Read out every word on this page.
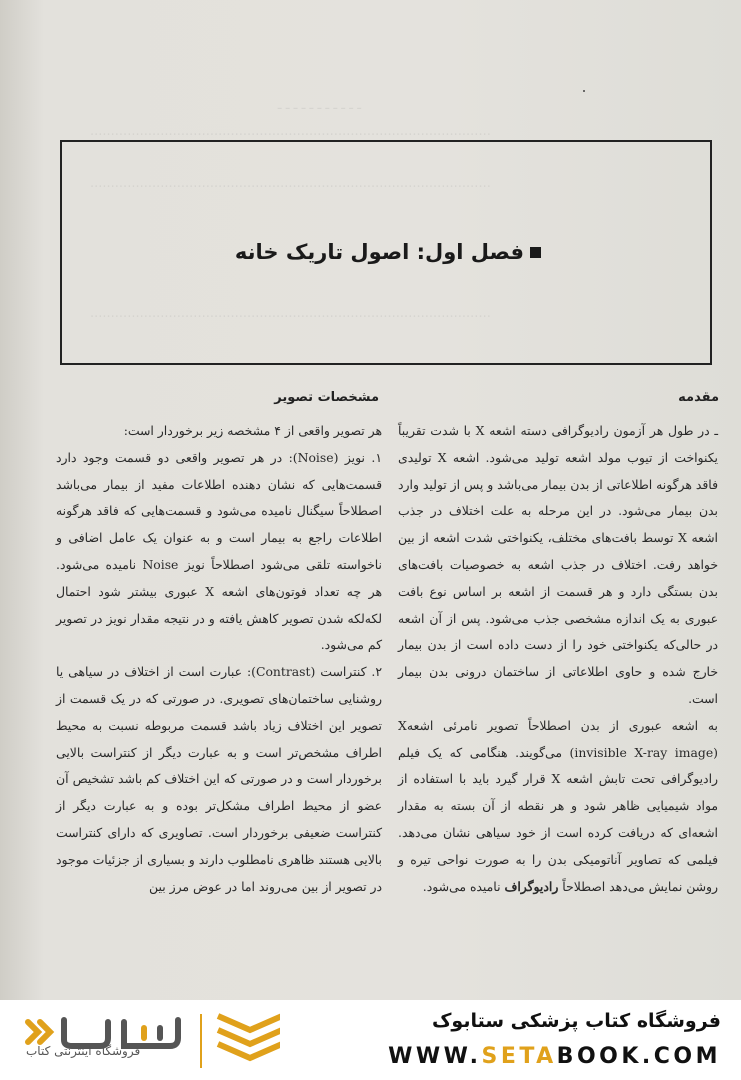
ـ ـ ـ ـ ـ ـ ـ ـ ـ ـ ـ
.................................................................................................
.................................................................................................
.................................................................................................
فصل اول: اصول تاریک خانه
مقدمه

ـ در طول هر آزمون رادیوگرافی دسته اشعه X با شدت تقریباً یکنواخت از تیوب مولد اشعه تولید می‌شود. اشعه X تولیدی فاقد هرگونه اطلاعاتی از بدن بیمار می‌باشد و پس از تولید وارد بدن بیمار می‌شود. در این مرحله به علت اختلاف در جذب اشعه X توسط بافت‌های مختلف، یکنواختی شدت اشعه از بین خواهد رفت. اختلاف در جذب اشعه به خصوصیات بافت‌های بدن بستگی دارد و هر قسمت از اشعه بر اساس نوع بافت عبوری به یک اندازه مشخصی جذب می‌شود. پس از آن اشعه در حالی‌که یکنواختی خود را از دست داده است از بدن بیمار خارج شده و حاوی اطلاعاتی از ساختمان درونی بدن بیمار است.

به اشعه عبوری از بدن اصطلاحاً تصویر نامرئی اشعهX (invisible X-ray image) می‌گویند. هنگامی که یک فیلم رادیوگرافی تحت تابش اشعه X قرار گیرد باید با استفاده از مواد شیمیایی ظاهر شود و هر نقطه از آن بسته به مقدار اشعه‌ای که دریافت کرده است از خود سیاهی نشان می‌دهد. فیلمی که تصاویر آناتومیکی بدن را به صورت نواحی تیره و روشن نمایش می‌دهد اصطلاحاً رادیوگراف نامیده می‌شود.

مشخصات تصویر

هر تصویر واقعی از ۴ مشخصه زیر برخوردار است:

۱. نویز (Noise): در هر تصویر واقعی دو قسمت وجود دارد قسمت‌هایی که نشان دهنده اطلاعات مفید از بیمار می‌باشد اصطلاحاً سیگنال نامیده می‌شود و قسمت‌هایی که فاقد هرگونه اطلاعات راجع به بیمار است و به عنوان یک عامل اضافی و ناخواسته تلقی می‌شود اصطلاحاً نویز Noise نامیده می‌شود. هر چه تعداد فوتون‌های اشعه X عبوری بیشتر شود احتمال لکه‌لکه شدن تصویر کاهش یافته و در نتیجه مقدار نویز در تصویر کم می‌شود.

۲. کنتراست (Contrast): عبارت است از اختلاف در سیاهی یا روشنایی ساختمان‌های تصویری. در صورتی که در یک قسمت از تصویر این اختلاف زیاد باشد قسمت مربوطه نسبت به محیط اطراف مشخص‌تر است و به عبارت دیگر از کنتراست بالایی برخوردار است و در صورتی که این اختلاف کم باشد تشخیص آن عضو از محیط اطراف مشکل‌تر بوده و به عبارت دیگر از کنتراست ضعیفی برخوردار است. تصاویری که دارای کنتراست بالایی هستند ظاهری نامطلوب دارند و بسیاری از جزئیات موجود در تصویر از بین می‌روند اما در عوض مرز بین

فروشگاه اینترنتی کتاب
فروشگاه کتاب پزشکی ستابوک
WWW.SETABOOK.COM
